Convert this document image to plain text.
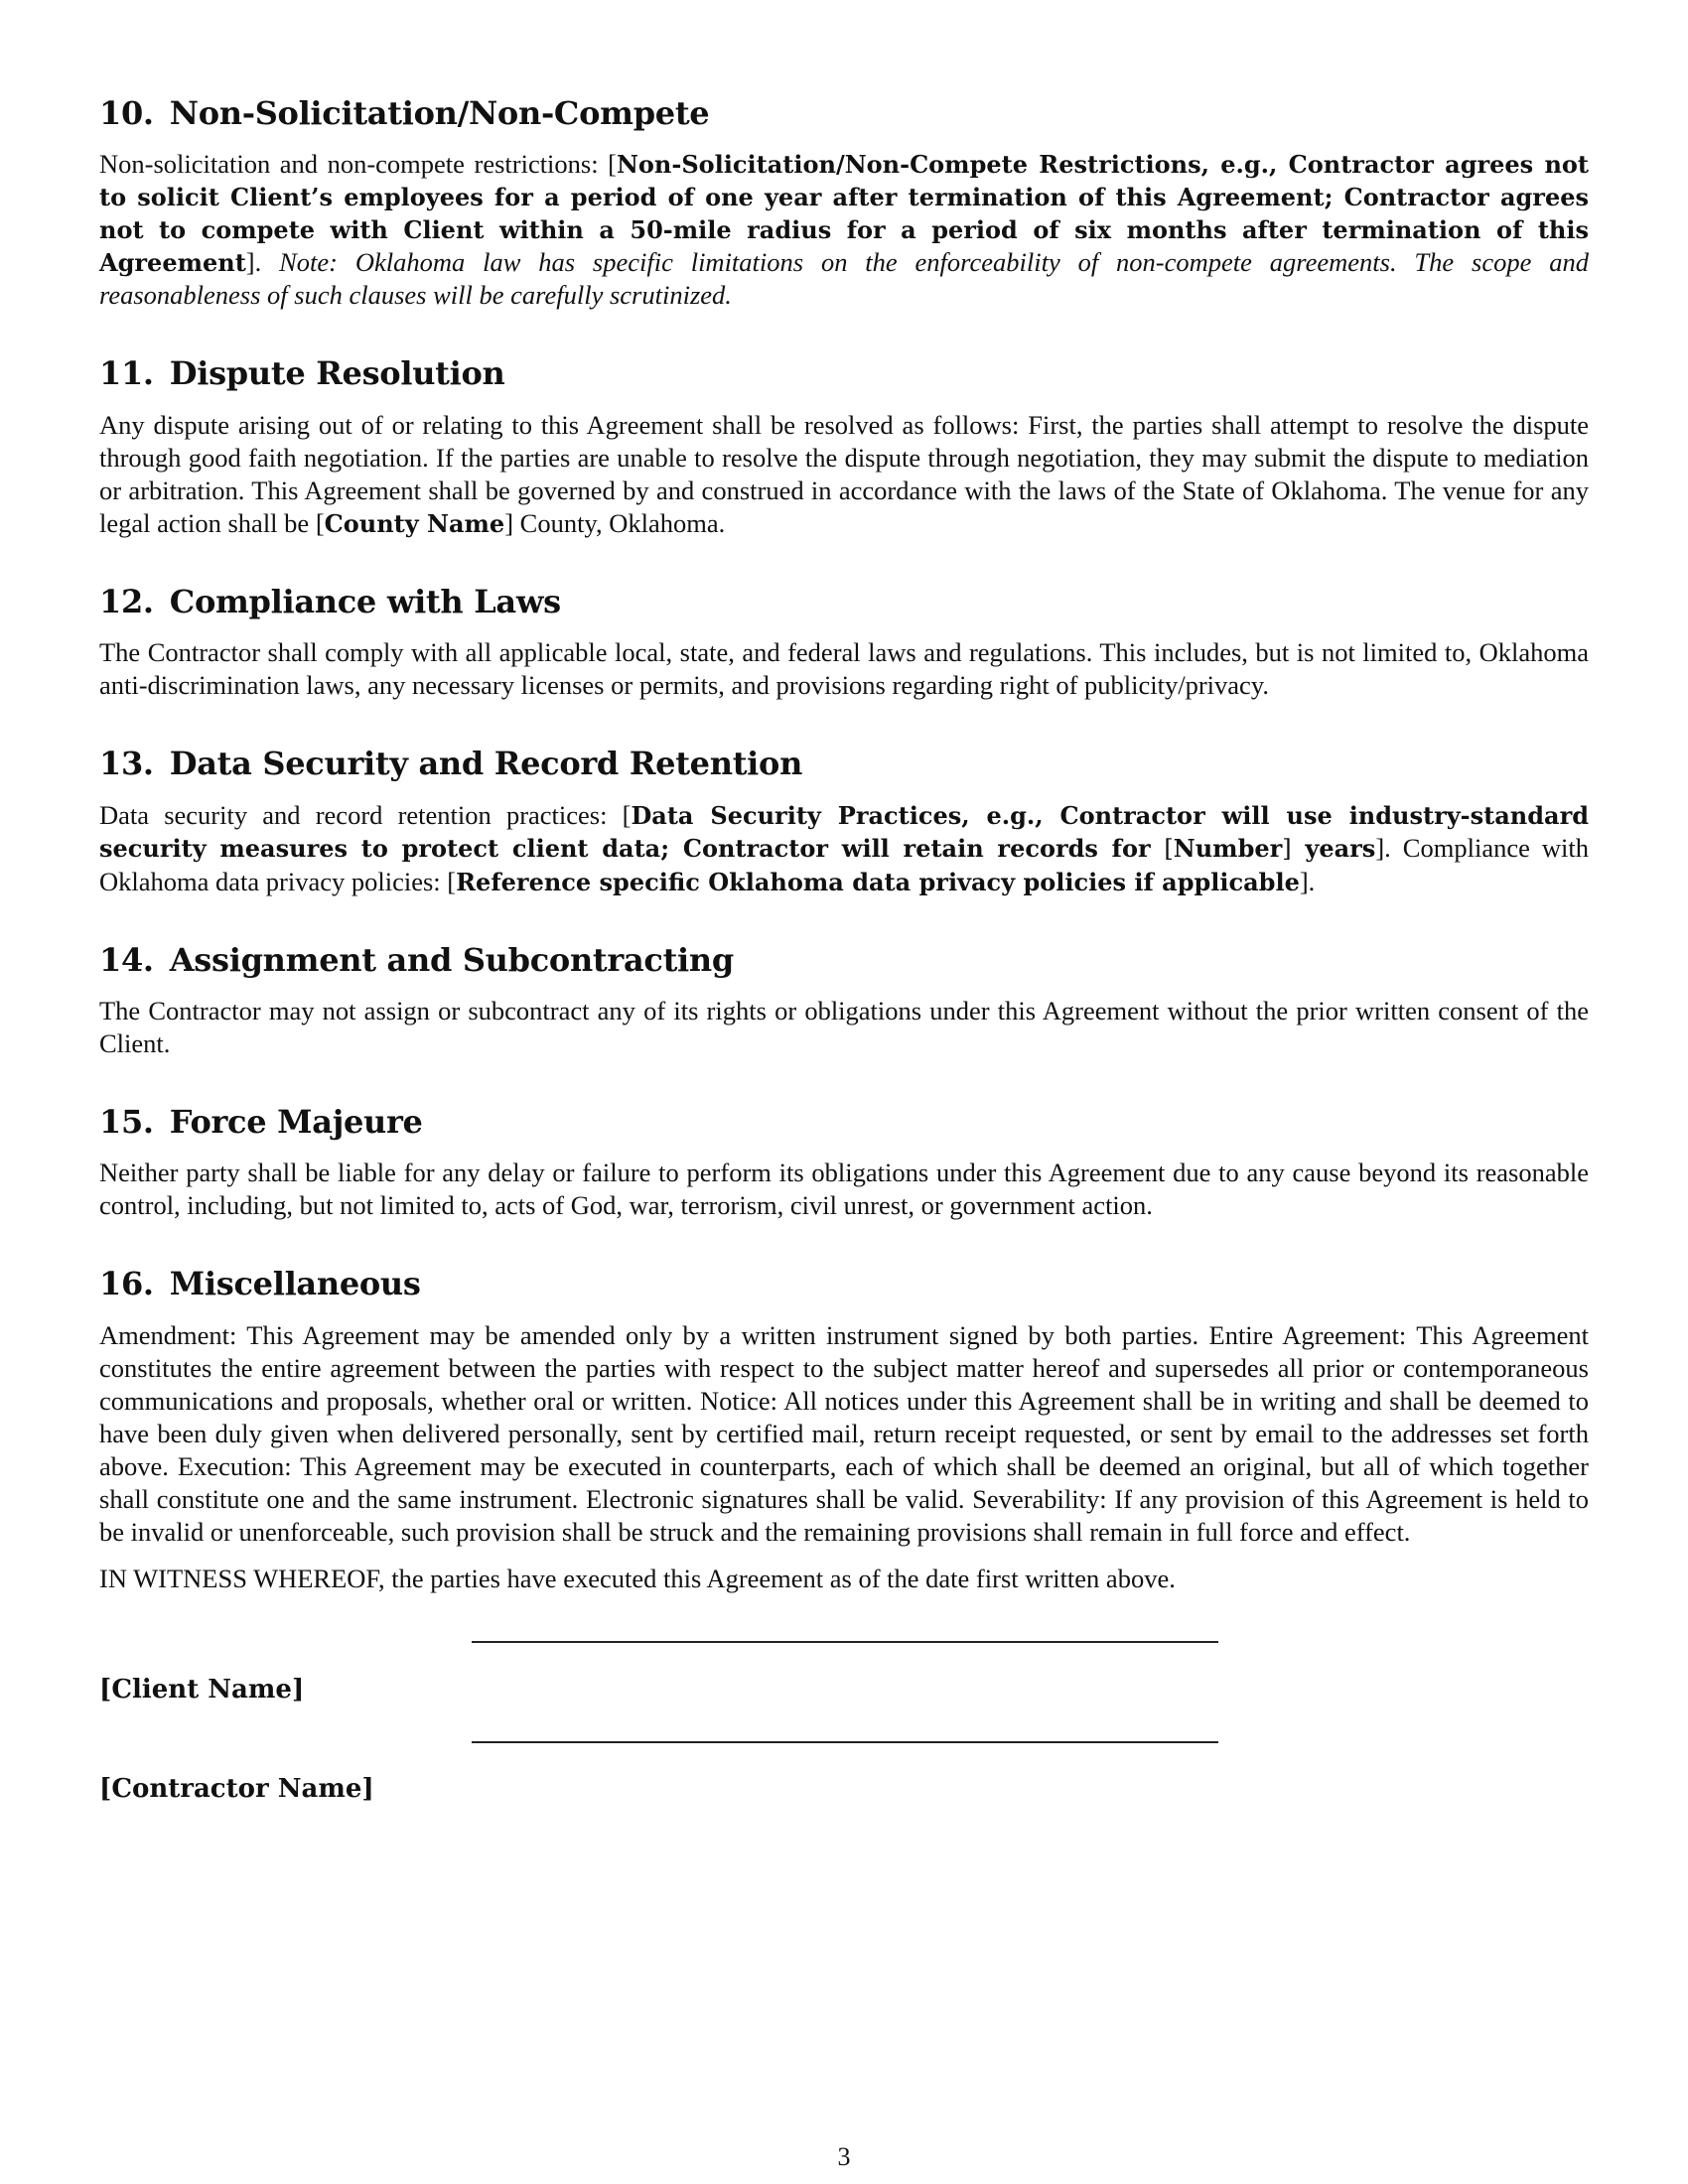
10. Non-Solicitation/Non-Compete

Non-solicitation and non-compete restrictions: [Non-Solicitation/Non-Compete Restrictions, e.g., Contractor agrees not to solicit Client’s employees for a period of one year after termination of this Agreement; Contractor agrees not to compete with Client within a 50-mile radius for a period of six months after termination of this Agreement]. Note: Oklahoma law has specific limitations on the enforceability of non-compete agreements. The scope and reasonableness of such clauses will be carefully scrutinized.

11. Dispute Resolution

Any dispute arising out of or relating to this Agreement shall be resolved as follows: First, the parties shall attempt to resolve the dispute through good faith negotiation. If the parties are unable to resolve the dispute through negotiation, they may submit the dispute to mediation or arbitration. This Agreement shall be governed by and construed in accordance with the laws of the State of Oklahoma. The venue for any legal action shall be [County Name] County, Oklahoma.

12. Compliance with Laws

The Contractor shall comply with all applicable local, state, and federal laws and regulations. This includes, but is not limited to, Oklahoma anti-discrimination laws, any necessary licenses or permits, and provisions regarding right of publicity/privacy.

13. Data Security and Record Retention

Data security and record retention practices: [Data Security Practices, e.g., Contractor will use industry-standard security measures to protect client data; Contractor will retain records for [Number] years]. Compliance with Oklahoma data privacy policies: [Reference specific Oklahoma data privacy policies if applicable].

14. Assignment and Subcontracting

The Contractor may not assign or subcontract any of its rights or obligations under this Agreement without the prior written consent of the Client.

15. Force Majeure

Neither party shall be liable for any delay or failure to perform its obligations under this Agreement due to any cause beyond its reasonable control, including, but not limited to, acts of God, war, terrorism, civil unrest, or government action.

16. Miscellaneous

Amendment: This Agreement may be amended only by a written instrument signed by both parties. Entire Agreement: This Agreement constitutes the entire agreement between the parties with respect to the subject matter hereof and supersedes all prior or contemporaneous communications and proposals, whether oral or written. Notice: All notices under this Agreement shall be in writing and shall be deemed to have been duly given when delivered personally, sent by certified mail, return receipt requested, or sent by email to the addresses set forth above. Execution: This Agreement may be executed in counterparts, each of which shall be deemed an original, but all of which together shall constitute one and the same instrument. Electronic signatures shall be valid. Severability: If any provision of this Agreement is held to be invalid or unenforceable, such provision shall be struck and the remaining provisions shall remain in full force and effect.

IN WITNESS WHEREOF, the parties have executed this Agreement as of the date first written above.

[Client Name]
[Contractor Name]
3
